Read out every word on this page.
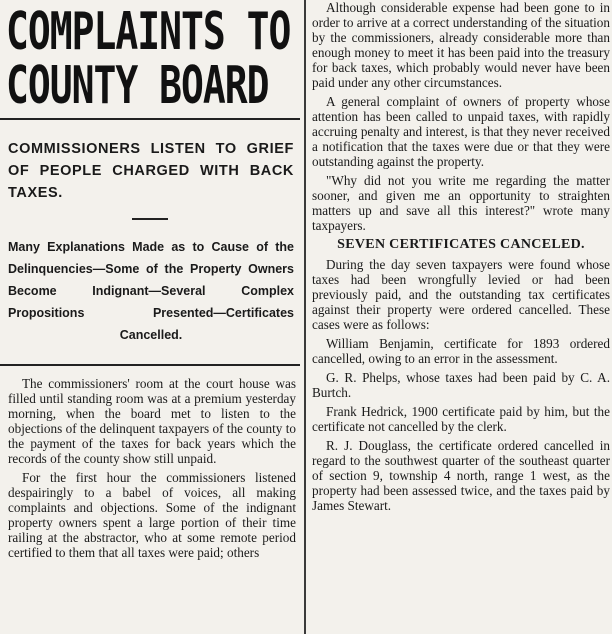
COMPLAINTS TO
COUNTY BOARD
COMMISSIONERS LISTEN TO GRIEF OF PEOPLE CHARGED WITH BACK TAXES.
Many Explanations Made as to Cause of the Delinquencies—Some of the Property Owners Become Indignant—Several Complex Propositions Presented—Certificates Cancelled.

The commissioners' room at the court house was filled until standing room was at a premium yesterday morning, when the board met to listen to the objections of the delinquent taxpayers of the county to the payment of the taxes for back years which the records of the county show still unpaid.

For the first hour the commissioners listened despairingly to a babel of voices, all making complaints and objections. Some of the indignant property owners spent a large portion of their time railing at the abstractor, who at some remote period certified to them that all taxes were paid; others

Although considerable expense had been gone to in order to arrive at a correct understanding of the situation by the commissioners, already considerable more than enough money to meet it has been paid into the treasury for back taxes, which probably would never have been paid under any other circumstances.

A general complaint of owners of property whose attention has been called to unpaid taxes, with rapidly accruing penalty and interest, is that they never received a notification that the taxes were due or that they were outstanding against the property.

"Why did not you write me regarding the matter sooner, and given me an opportunity to straighten matters up and save all this interest?" wrote many taxpayers.

SEVEN CERTIFICATES CANCELED.

During the day seven taxpayers were found whose taxes had been wrongfully levied or had been previously paid, and the outstanding tax certificates against their property were ordered cancelled. These cases were as follows:

William Benjamin, certificate for 1893 ordered cancelled, owing to an error in the assessment.

G. R. Phelps, whose taxes had been paid by C. A. Burtch.

Frank Hedrick, 1900 certificate paid by him, but the certificate not cancelled by the clerk.

R. J. Douglass, the certificate ordered cancelled in regard to the southwest quarter of the southeast quarter of section 9, township 4 north, range 1 west, as the property had been assessed twice, and the taxes paid by James Stewart.
